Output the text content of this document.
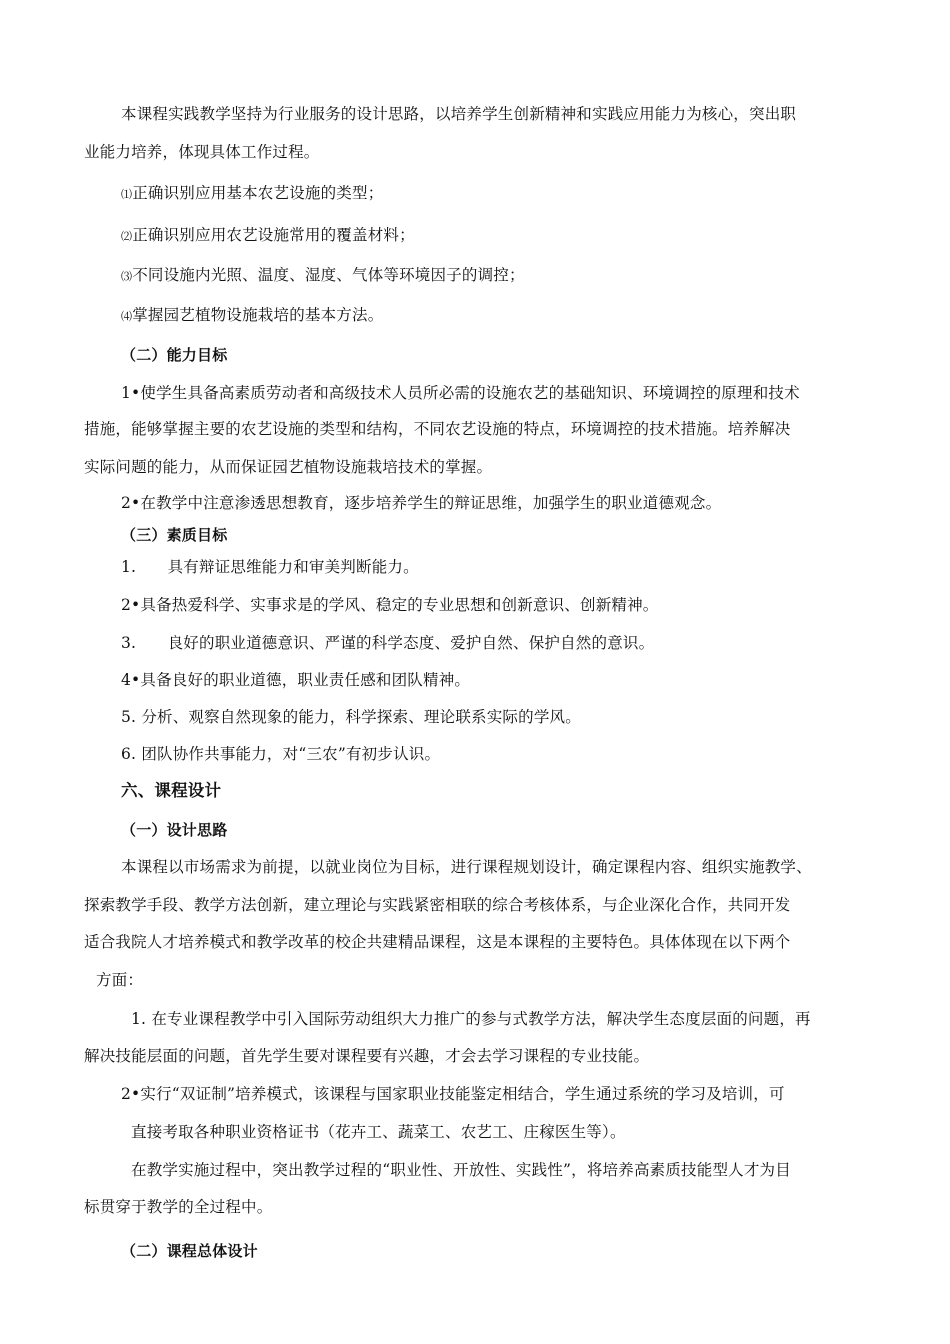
本课程实践教学坚持为行业服务的设计思路，以培养学生创新精神和实践应用能力为核心，突出职
业能力培养，体现具体工作过程。
⑴正确识别应用基本农艺设施的类型；
⑵正确识别应用农艺设施常用的覆盖材料；
⑶不同设施内光照、温度、湿度、气体等环境因子的调控；
⑷掌握园艺植物设施栽培的基本方法。
（二）能力目标
1•使学生具备高素质劳动者和高级技术人员所必需的设施农艺的基础知识、环境调控的原理和技术
措施，能够掌握主要的农艺设施的类型和结构，不同农艺设施的特点，环境调控的技术措施。培养解决
实际问题的能力，从而保证园艺植物设施栽培技术的掌握。
2•在教学中注意渗透思想教育，逐步培养学生的辩证思维，加强学生的职业道德观念。
（三）素质目标
1.　　具有辩证思维能力和审美判断能力。
2•具备热爱科学、实事求是的学风、稳定的专业思想和创新意识、创新精神。
3.　　良好的职业道德意识、严谨的科学态度、爱护自然、保护自然的意识。
4•具备良好的职业道德，职业责任感和团队精神。
5. 分析、观察自然现象的能力，科学探索、理论联系实际的学风。
6. 团队协作共事能力，对“三农”有初步认识。
六、课程设计
（一）设计思路
本课程以市场需求为前提，以就业岗位为目标，进行课程规划设计，确定课程内容、组织实施教学、
探索教学手段、教学方法创新，建立理论与实践紧密相联的综合考核体系，与企业深化合作，共同开发
适合我院人才培养模式和教学改革的校企共建精品课程，这是本课程的主要特色。具体体现在以下两个
方面：
1. 在专业课程教学中引入国际劳动组织大力推广的参与式教学方法，解决学生态度层面的问题，再
解决技能层面的问题，首先学生要对课程要有兴趣，才会去学习课程的专业技能。
2•实行“双证制”培养模式，该课程与国家职业技能鉴定相结合，学生通过系统的学习及培训，可
直接考取各种职业资格证书（花卉工、蔬菜工、农艺工、庄稼医生等）。
在教学实施过程中，突出教学过程的“职业性、开放性、实践性”，将培养高素质技能型人才为目
标贯穿于教学的全过程中。
（二）课程总体设计
